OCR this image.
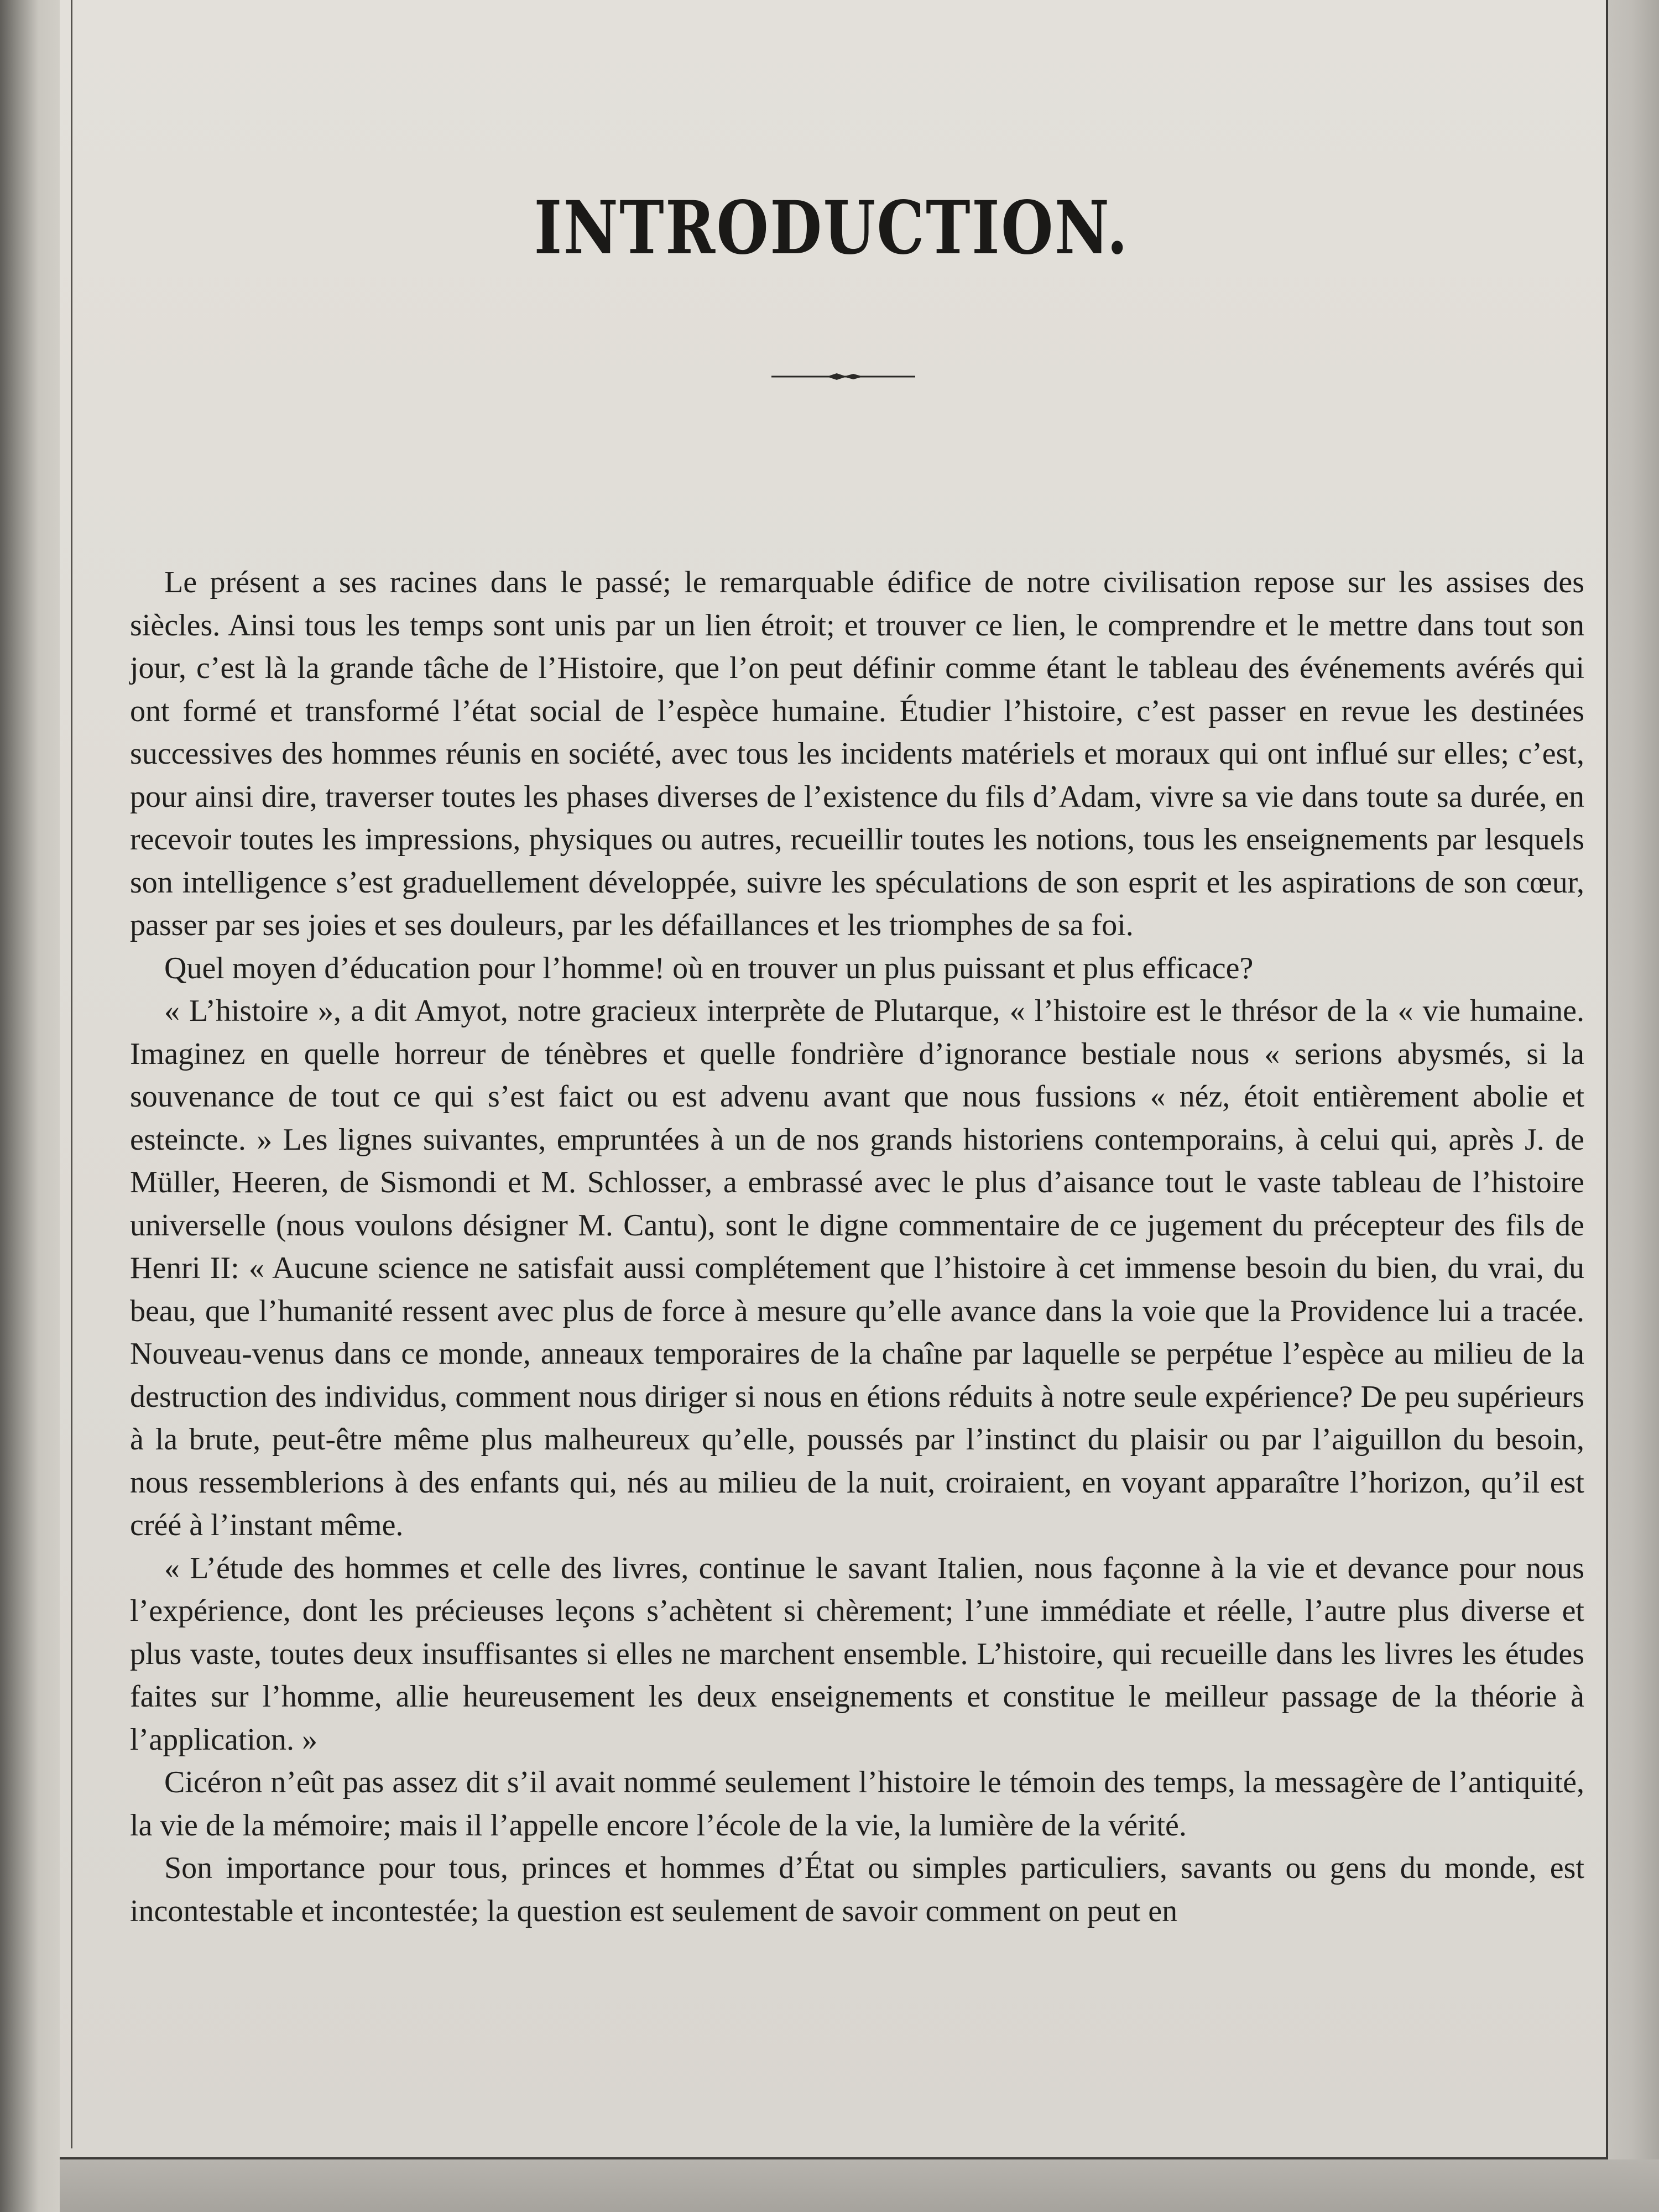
INTRODUCTION.

Le présent a ses racines dans le passé; le remarquable édifice de notre civilisation repose sur les assises des siècles. Ainsi tous les temps sont unis par un lien étroit; et trouver ce lien, le comprendre et le mettre dans tout son jour, c’est là la grande tâche de l’Histoire, que l’on peut définir comme étant le tableau des événements avérés qui ont formé et transformé l’état social de l’espèce humaine. Étudier l’histoire, c’est passer en revue les destinées successives des hommes réunis en société, avec tous les incidents matériels et moraux qui ont influé sur elles; c’est, pour ainsi dire, traverser toutes les phases diverses de l’existence du fils d’Adam, vivre sa vie dans toute sa durée, en recevoir toutes les impressions, physiques ou autres, recueillir toutes les notions, tous les enseignements par lesquels son intelligence s’est graduellement développée, suivre les spéculations de son esprit et les aspirations de son cœur, passer par ses joies et ses douleurs, par les défaillances et les triomphes de sa foi.

Quel moyen d’éducation pour l’homme! où en trouver un plus puissant et plus efficace?

« L’histoire », a dit Amyot, notre gracieux interprète de Plutarque, « l’histoire est le thrésor de la « vie humaine. Imaginez en quelle horreur de ténèbres et quelle fondrière d’ignorance bestiale nous « serions abysmés, si la souvenance de tout ce qui s’est faict ou est advenu avant que nous fussions « néz, étoit entièrement abolie et esteincte. » Les lignes suivantes, empruntées à un de nos grands historiens contemporains, à celui qui, après J. de Müller, Heeren, de Sismondi et M. Schlosser, a embrassé avec le plus d’aisance tout le vaste tableau de l’histoire universelle (nous voulons désigner M. Cantu), sont le digne commentaire de ce jugement du précepteur des fils de Henri II: « Aucune science ne satisfait aussi complétement que l’histoire à cet immense besoin du bien, du vrai, du beau, que l’humanité ressent avec plus de force à mesure qu’elle avance dans la voie que la Providence lui a tracée. Nouveau-venus dans ce monde, anneaux temporaires de la chaîne par laquelle se perpétue l’espèce au milieu de la destruction des individus, comment nous diriger si nous en étions réduits à notre seule expérience? De peu supérieurs à la brute, peut-être même plus malheureux qu’elle, poussés par l’instinct du plaisir ou par l’aiguillon du besoin, nous ressemblerions à des enfants qui, nés au milieu de la nuit, croiraient, en voyant apparaître l’horizon, qu’il est créé à l’instant même.

« L’étude des hommes et celle des livres, continue le savant Italien, nous façonne à la vie et devance pour nous l’expérience, dont les précieuses leçons s’achètent si chèrement; l’une immédiate et réelle, l’autre plus diverse et plus vaste, toutes deux insuffisantes si elles ne marchent ensemble. L’histoire, qui recueille dans les livres les études faites sur l’homme, allie heureusement les deux enseignements et constitue le meilleur passage de la théorie à l’application. »

Cicéron n’eût pas assez dit s’il avait nommé seulement l’histoire le témoin des temps, la messagère de l’antiquité, la vie de la mémoire; mais il l’appelle encore l’école de la vie, la lumière de la vérité.

Son importance pour tous, princes et hommes d’État ou simples particuliers, savants ou gens du monde, est incontestable et incontestée; la question est seulement de savoir comment on peut en
